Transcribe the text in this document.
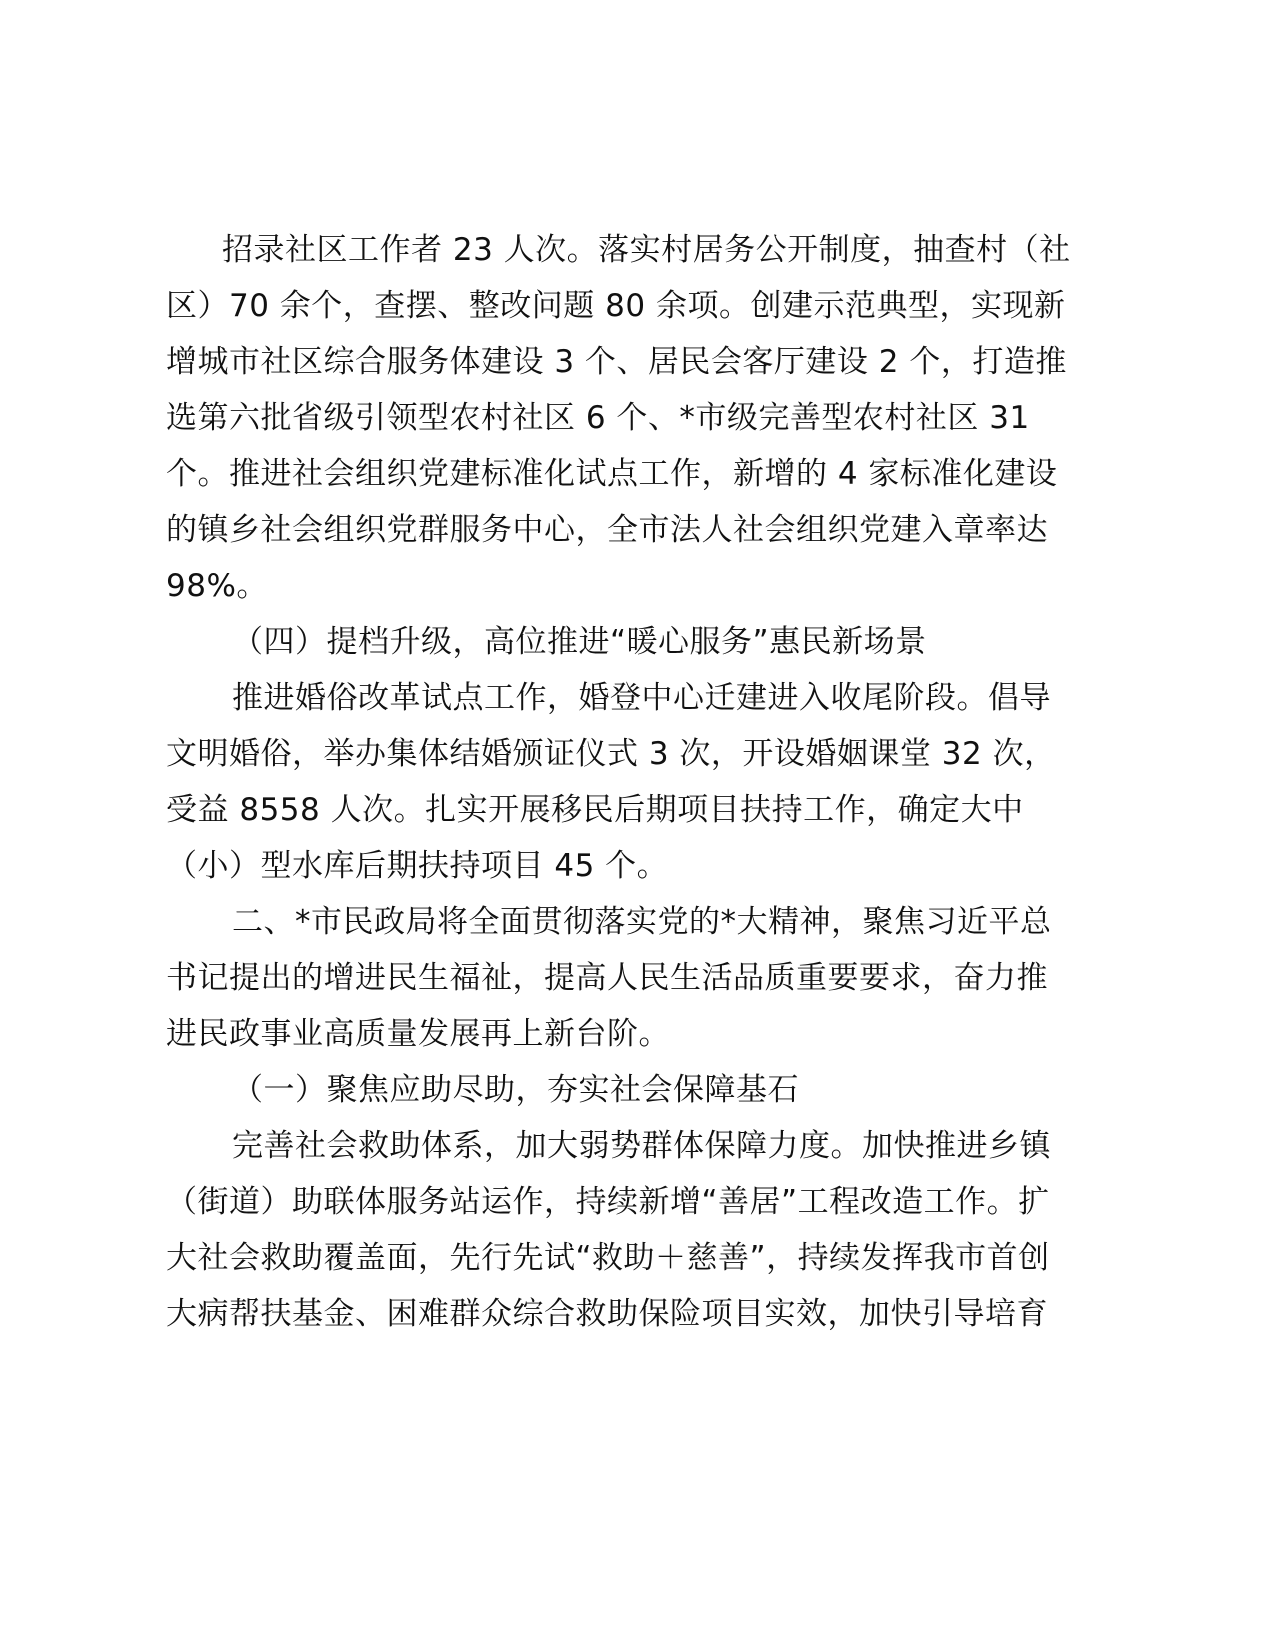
招录社区工作者 23 人次。落实村居务公开制度，抽查村（社
区）70 余个，查摆、整改问题 80 余项。创建示范典型，实现新
增城市社区综合服务体建设 3 个、居民会客厅建设 2 个，打造推
选第六批省级引领型农村社区 6 个、*市级完善型农村社区 31
个。推进社会组织党建标准化试点工作，新增的 4 家标准化建设
的镇乡社会组织党群服务中心，全市法人社会组织党建入章率达
98%。
（四）提档升级，高位推进“暖心服务”惠民新场景
推进婚俗改革试点工作，婚登中心迁建进入收尾阶段。倡导
文明婚俗，举办集体结婚颁证仪式 3 次，开设婚姻课堂 32 次，
受益 8558 人次。扎实开展移民后期项目扶持工作，确定大中
（小）型水库后期扶持项目 45 个。
二、*市民政局将全面贯彻落实党的*大精神，聚焦习近平总
书记提出的增进民生福祉，提高人民生活品质重要要求，奋力推
进民政事业高质量发展再上新台阶。
（一）聚焦应助尽助，夯实社会保障基石
完善社会救助体系，加大弱势群体保障力度。加快推进乡镇
（街道）助联体服务站运作，持续新增“善居”工程改造工作。扩
大社会救助覆盖面，先行先试“救助＋慈善”，持续发挥我市首创
大病帮扶基金、困难群众综合救助保险项目实效，加快引导培育
